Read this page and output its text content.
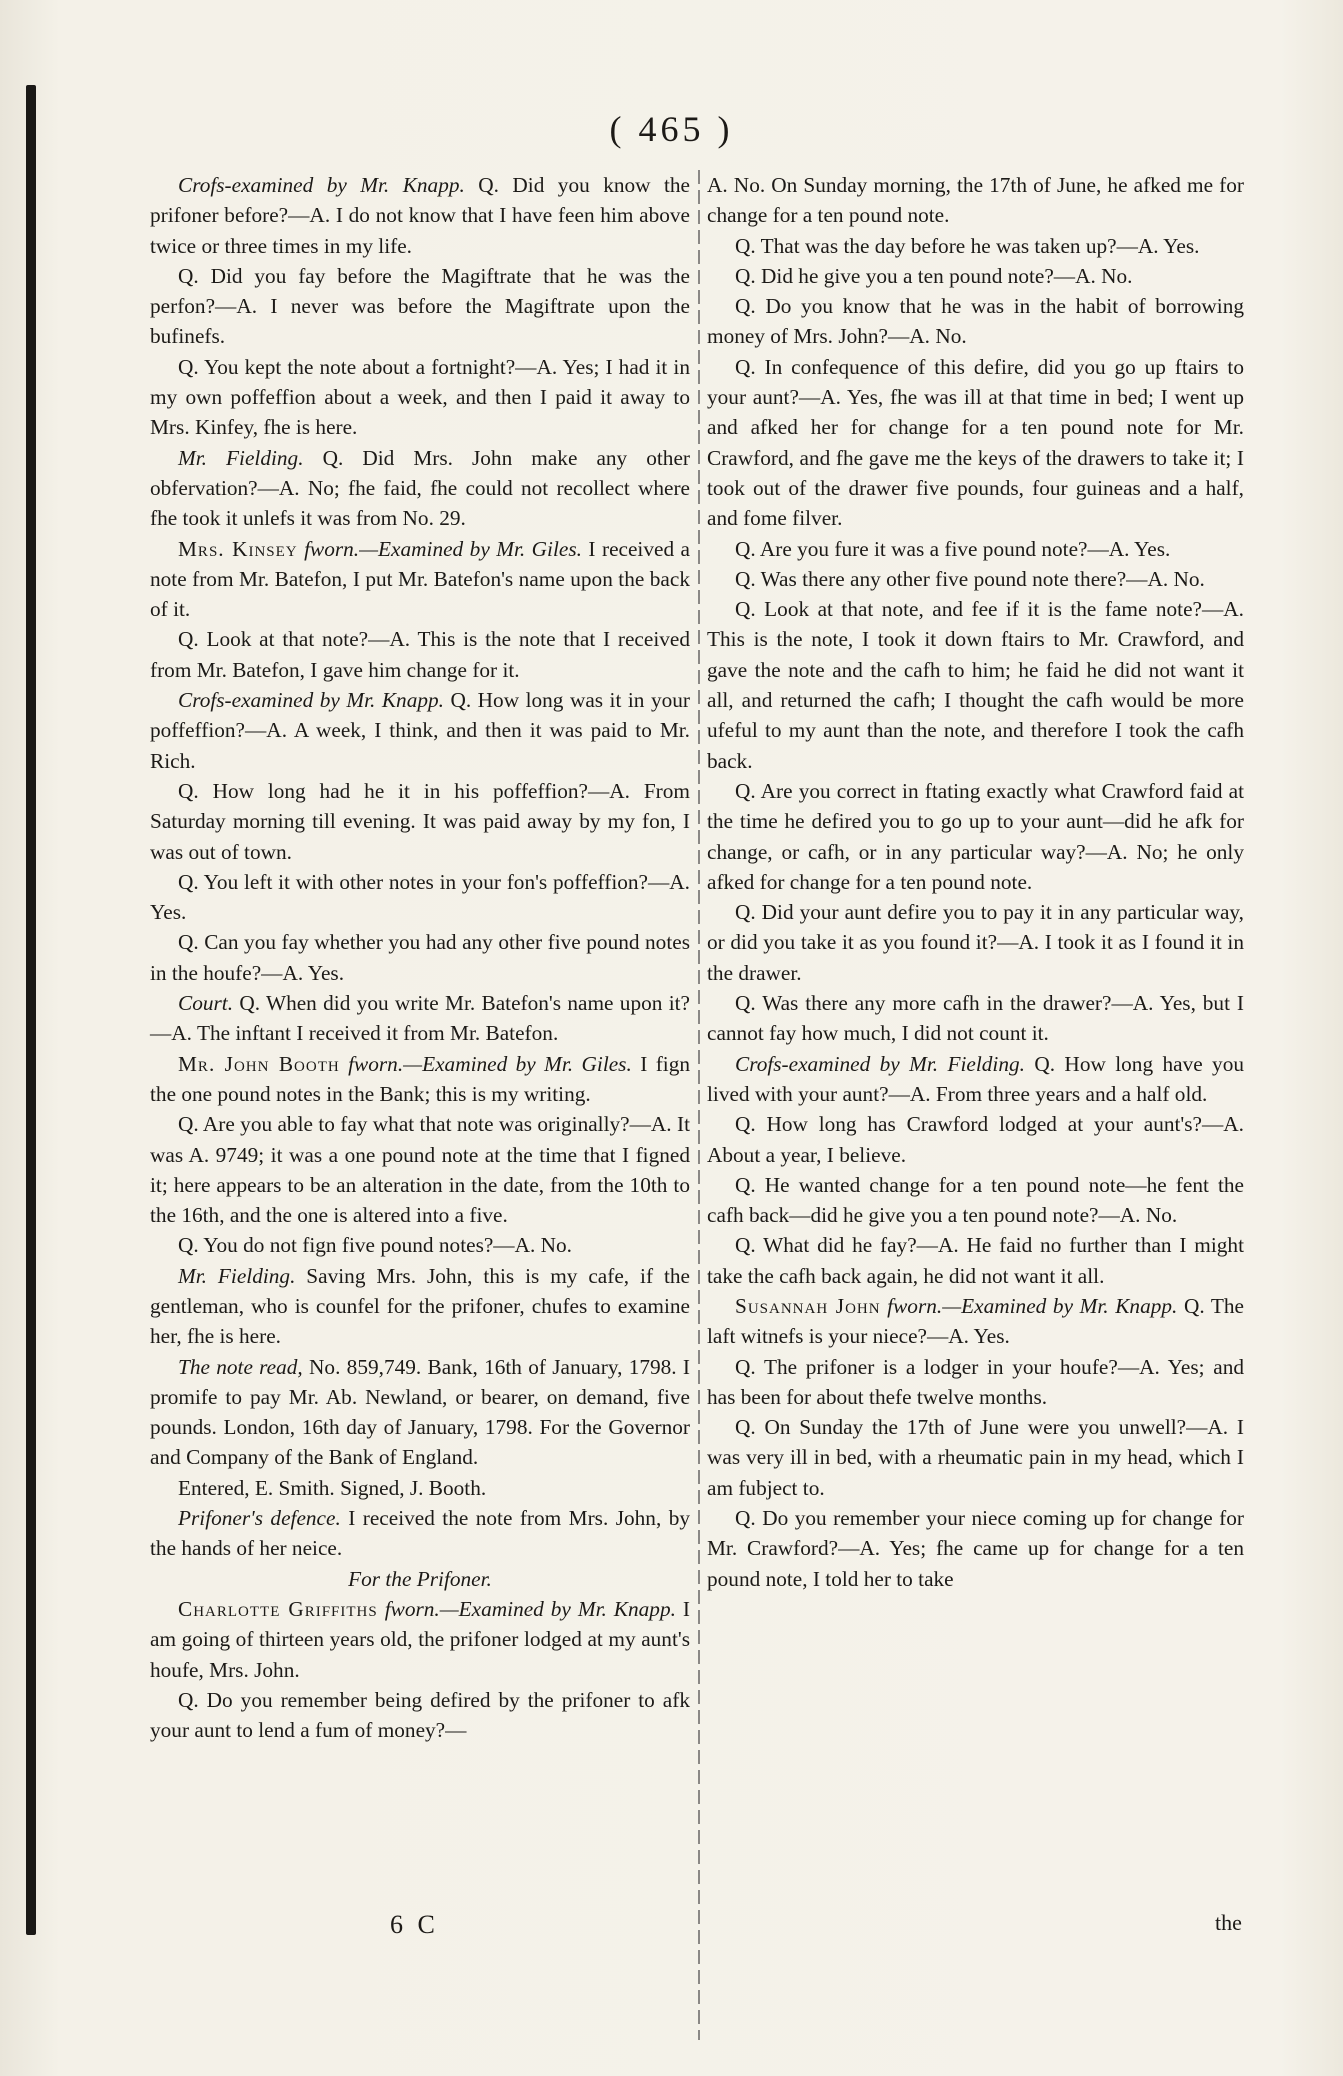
( 465 )

Crofs-examined by Mr. Knapp. Q. Did you know the prifoner before?—A. I do not know that I have feen him above twice or three times in my life.

Q. Did you fay before the Magiftrate that he was the perfon?—A. I never was before the Magiftrate upon the bufinefs.

Q. You kept the note about a fortnight?—A. Yes; I had it in my own poffeffion about a week, and then I paid it away to Mrs. Kinfey, fhe is here.

Mr. Fielding. Q. Did Mrs. John make any other obfervation?—A. No; fhe faid, fhe could not recollect where fhe took it unlefs it was from No. 29.

Mrs. Kinsey fworn.—Examined by Mr. Giles. I received a note from Mr. Batefon, I put Mr. Batefon's name upon the back of it.

Q. Look at that note?—A. This is the note that I received from Mr. Batefon, I gave him change for it.

Crofs-examined by Mr. Knapp. Q. How long was it in your poffeffion?—A. A week, I think, and then it was paid to Mr. Rich.

Q. How long had he it in his poffeffion?—A. From Saturday morning till evening. It was paid away by my fon, I was out of town.

Q. You left it with other notes in your fon's poffeffion?—A. Yes.

Q. Can you fay whether you had any other five pound notes in the houfe?—A. Yes.

Court. Q. When did you write Mr. Batefon's name upon it?—A. The inftant I received it from Mr. Batefon.

Mr. John Booth fworn.—Examined by Mr. Giles. I fign the one pound notes in the Bank; this is my writing.

Q. Are you able to fay what that note was originally?—A. It was A. 9749; it was a one pound note at the time that I figned it; here appears to be an alteration in the date, from the 10th to the 16th, and the one is altered into a five.

Q. You do not fign five pound notes?—A. No.

Mr. Fielding. Saving Mrs. John, this is my cafe, if the gentleman, who is counfel for the prifoner, chufes to examine her, fhe is here.

The note read, No. 859,749. Bank, 16th of January, 1798. I promife to pay Mr. Ab. Newland, or bearer, on demand, five pounds. London, 16th day of January, 1798. For the Governor and Company of the Bank of England.

Entered, E. Smith. Signed, J. Booth.

Prifoner's defence. I received the note from Mrs. John, by the hands of her neice.

For the Prifoner.

Charlotte Griffiths fworn.—Examined by Mr. Knapp. I am going of thirteen years old, the prifoner lodged at my aunt's houfe, Mrs. John.

Q. Do you remember being defired by the prifoner to afk your aunt to lend a fum of money?—

A. No. On Sunday morning, the 17th of June, he afked me for change for a ten pound note.

Q. That was the day before he was taken up?—A. Yes.

Q. Did he give you a ten pound note?—A. No.

Q. Do you know that he was in the habit of borrowing money of Mrs. John?—A. No.

Q. In confequence of this defire, did you go up ftairs to your aunt?—A. Yes, fhe was ill at that time in bed; I went up and afked her for change for a ten pound note for Mr. Crawford, and fhe gave me the keys of the drawers to take it; I took out of the drawer five pounds, four guineas and a half, and fome filver.

Q. Are you fure it was a five pound note?—A. Yes.

Q. Was there any other five pound note there?—A. No.

Q. Look at that note, and fee if it is the fame note?—A. This is the note, I took it down ftairs to Mr. Crawford, and gave the note and the cafh to him; he faid he did not want it all, and returned the cafh; I thought the cafh would be more ufeful to my aunt than the note, and therefore I took the cafh back.

Q. Are you correct in ftating exactly what Crawford faid at the time he defired you to go up to your aunt—did he afk for change, or cafh, or in any particular way?—A. No; he only afked for change for a ten pound note.

Q. Did your aunt defire you to pay it in any particular way, or did you take it as you found it?—A. I took it as I found it in the drawer.

Q. Was there any more cafh in the drawer?—A. Yes, but I cannot fay how much, I did not count it.

Crofs-examined by Mr. Fielding. Q. How long have you lived with your aunt?—A. From three years and a half old.

Q. How long has Crawford lodged at your aunt's?—A. About a year, I believe.

Q. He wanted change for a ten pound note—he fent the cafh back—did he give you a ten pound note?—A. No.

Q. What did he fay?—A. He faid no further than I might take the cafh back again, he did not want it all.

Susannah John fworn.—Examined by Mr. Knapp. Q. The laft witnefs is your niece?—A. Yes.

Q. The prifoner is a lodger in your houfe?—A. Yes; and has been for about thefe twelve months.

Q. On Sunday the 17th of June were you unwell?—A. I was very ill in bed, with a rheumatic pain in my head, which I am fubject to.

Q. Do you remember your niece coming up for change for Mr. Crawford?—A. Yes; fhe came up for change for a ten pound note, I told her to take

6 C	the
